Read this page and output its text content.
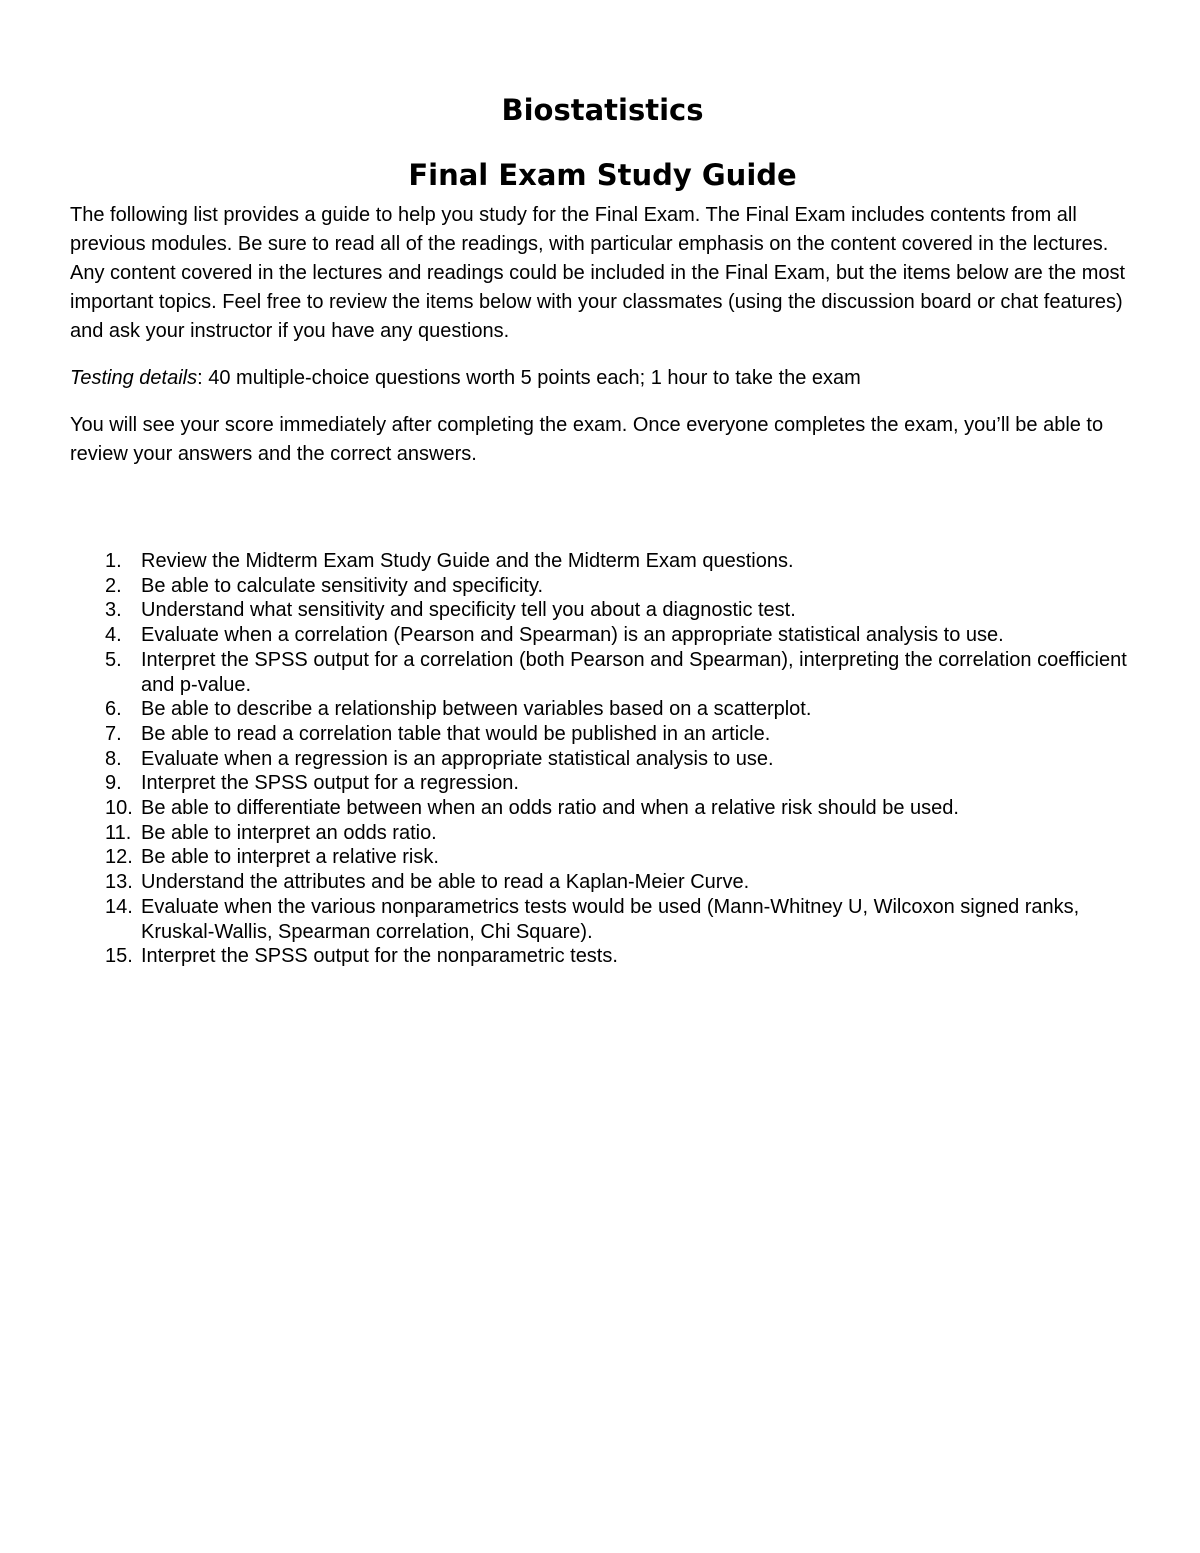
Biostatistics
Final Exam Study Guide

The following list provides a guide to help you study for the Final Exam. The Final Exam includes contents from all previous modules. Be sure to read all of the readings, with particular emphasis on the content covered in the lectures. Any content covered in the lectures and readings could be included in the Final Exam, but the items below are the most important topics. Feel free to review the items below with your classmates (using the discussion board or chat features) and ask your instructor if you have any questions.

Testing details: 40 multiple-choice questions worth 5 points each; 1 hour to take the exam

You will see your score immediately after completing the exam. Once everyone completes the exam, you’ll be able to review your answers and the correct answers.

1. Review the Midterm Exam Study Guide and the Midterm Exam questions.
2. Be able to calculate sensitivity and specificity.
3. Understand what sensitivity and specificity tell you about a diagnostic test.
4. Evaluate when a correlation (Pearson and Spearman) is an appropriate statistical analysis to use.
5. Interpret the SPSS output for a correlation (both Pearson and Spearman), interpreting the correlation coefficient and p-value.
6. Be able to describe a relationship between variables based on a scatterplot.
7. Be able to read a correlation table that would be published in an article.
8. Evaluate when a regression is an appropriate statistical analysis to use.
9. Interpret the SPSS output for a regression.
10. Be able to differentiate between when an odds ratio and when a relative risk should be used.
11. Be able to interpret an odds ratio.
12. Be able to interpret a relative risk.
13. Understand the attributes and be able to read a Kaplan-Meier Curve.
14. Evaluate when the various nonparametrics tests would be used (Mann-Whitney U, Wilcoxon signed ranks, Kruskal-Wallis, Spearman correlation, Chi Square).
15. Interpret the SPSS output for the nonparametric tests.
